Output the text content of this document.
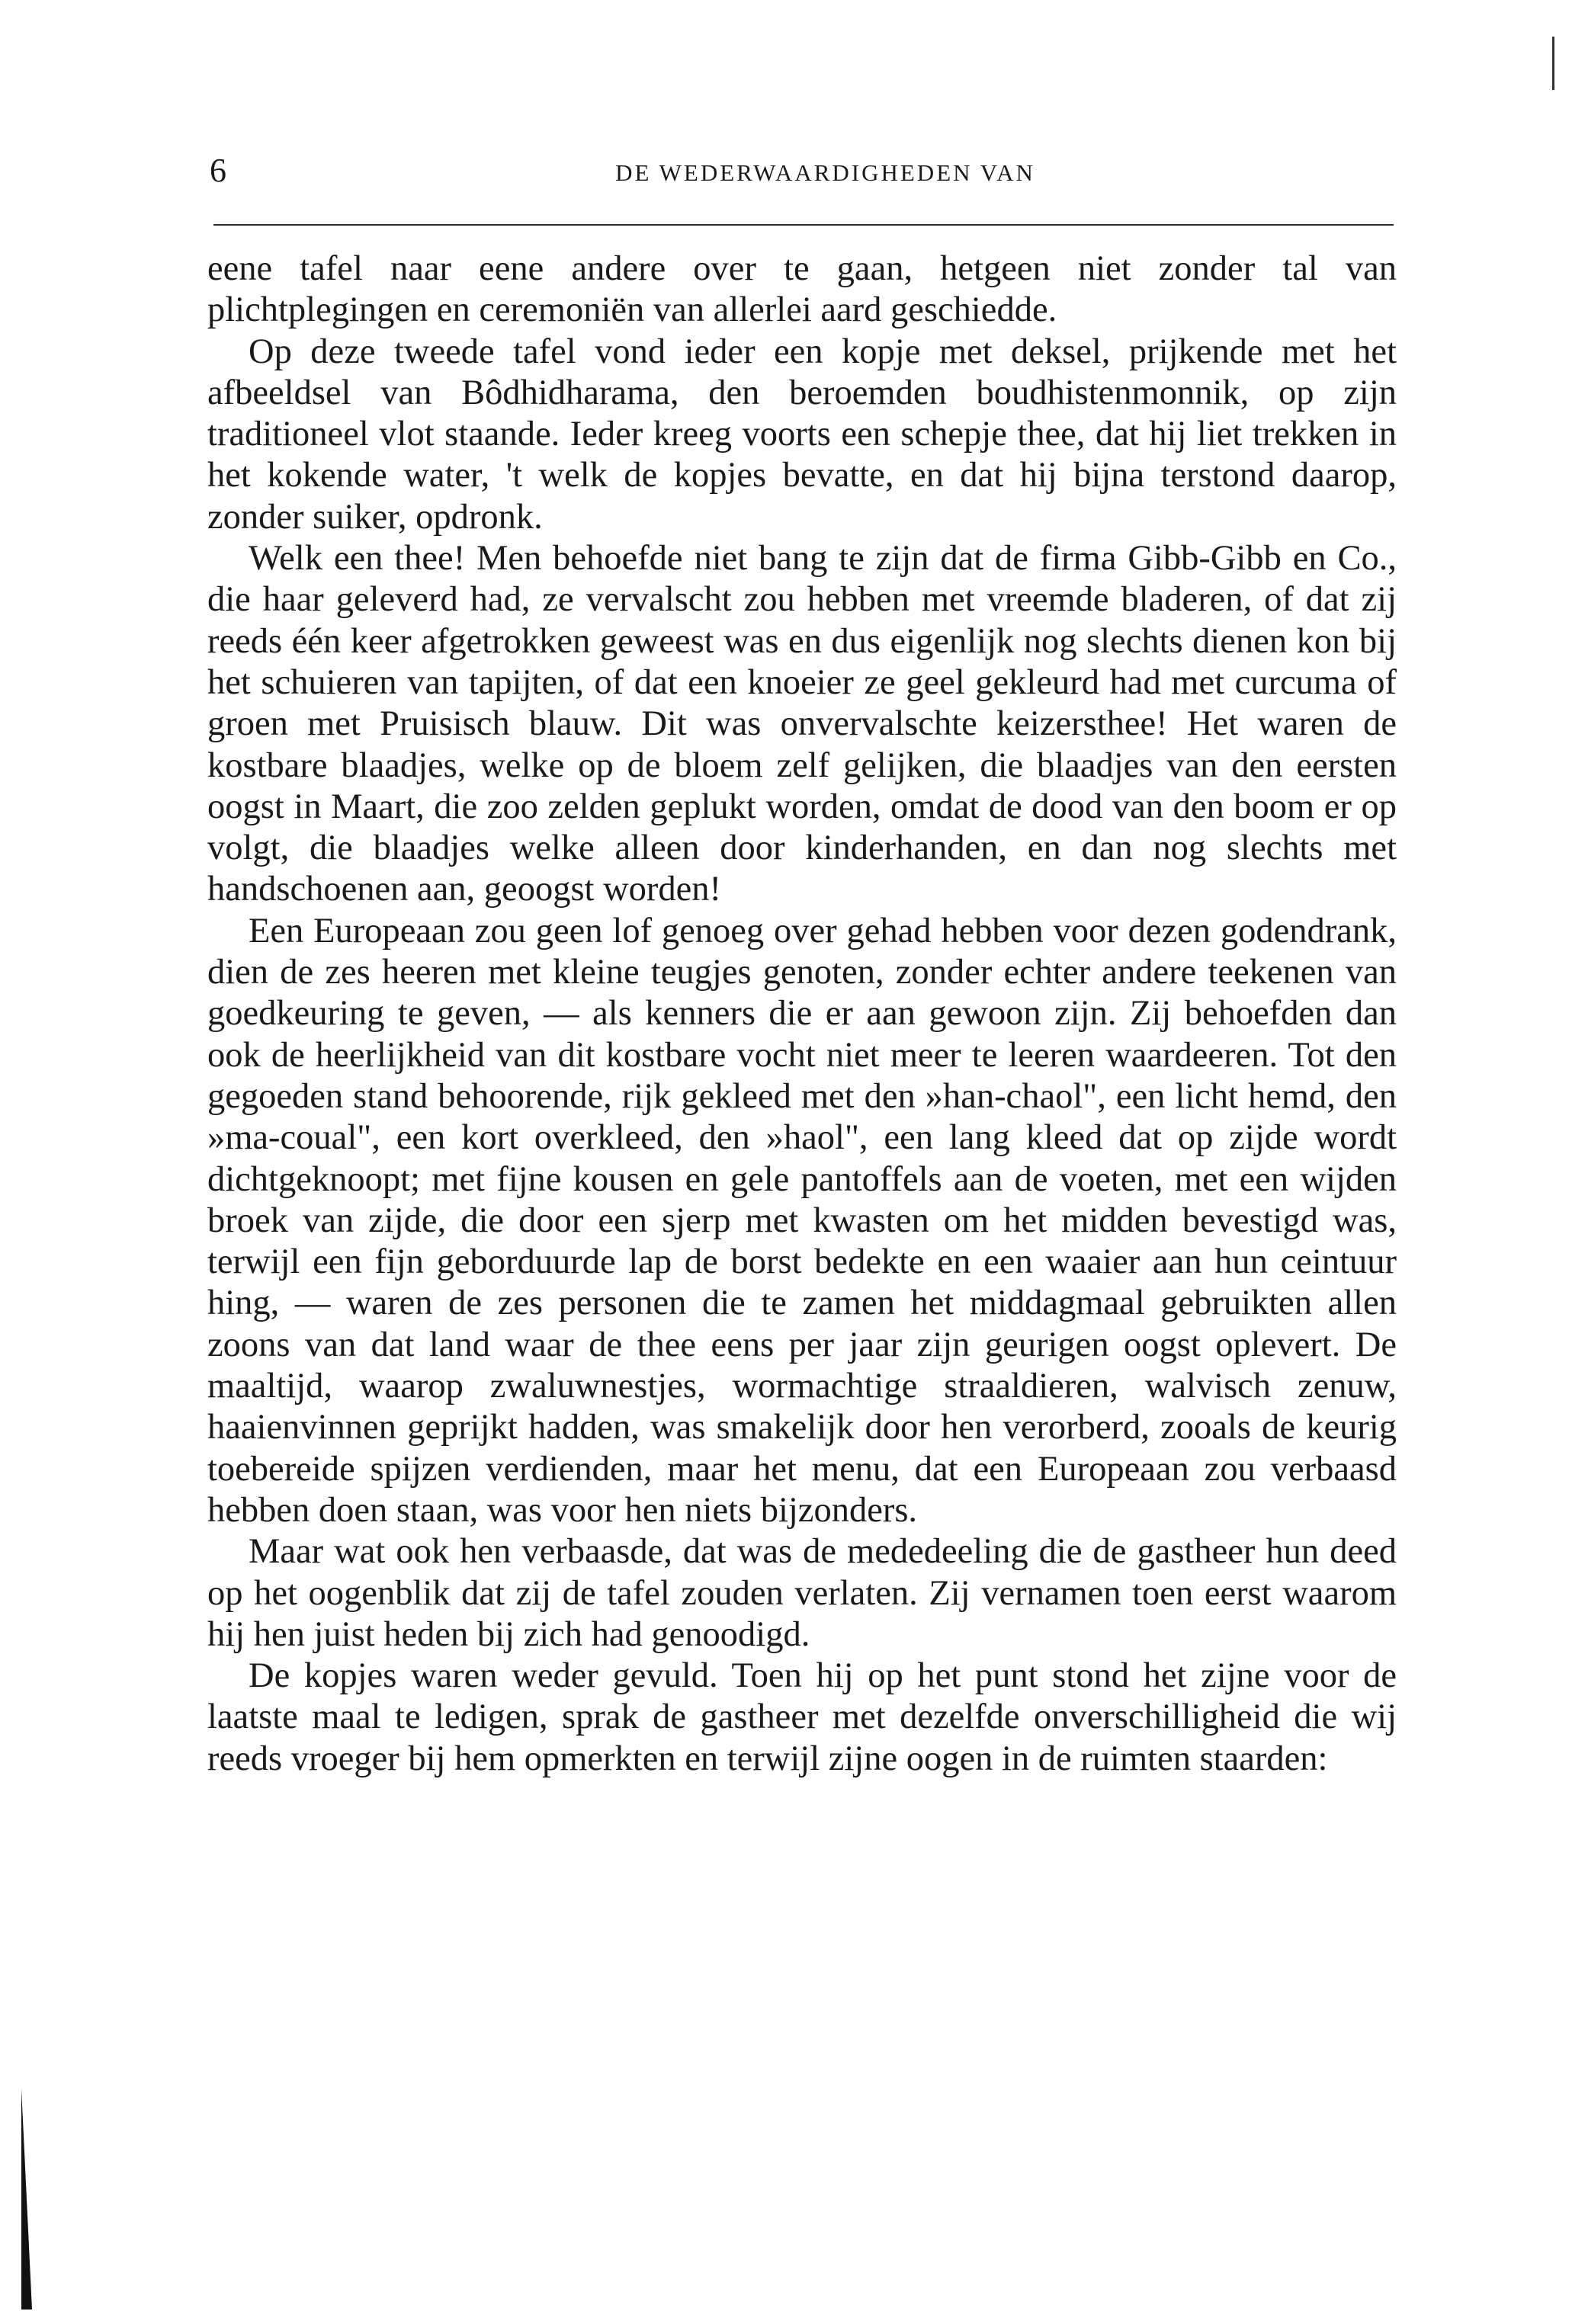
6	DE WEDERWAARDIGHEDEN VAN

eene tafel naar eene andere over te gaan, hetgeen niet zonder tal van plichtplegingen en ceremoniën van allerlei aard geschiedde.

Op deze tweede tafel vond ieder een kopje met deksel, prijkende met het afbeeldsel van Bôdhidharama, den beroemden boudhistenmonnik, op zijn traditioneel vlot staande. Ieder kreeg voorts een schepje thee, dat hij liet trekken in het kokende water, 't welk de kopjes bevatte, en dat hij bijna terstond daarop, zonder suiker, opdronk.

Welk een thee! Men behoefde niet bang te zijn dat de firma Gibb-Gibb en Co., die haar geleverd had, ze vervalscht zou hebben met vreemde bladeren, of dat zij reeds één keer afgetrokken geweest was en dus eigenlijk nog slechts dienen kon bij het schuieren van tapijten, of dat een knoeier ze geel gekleurd had met curcuma of groen met Pruisisch blauw. Dit was onvervalschte keizersthee! Het waren de kostbare blaadjes, welke op de bloem zelf gelijken, die blaadjes van den eersten oogst in Maart, die zoo zelden geplukt worden, omdat de dood van den boom er op volgt, die blaadjes welke alleen door kinderhanden, en dan nog slechts met handschoenen aan, geoogst worden!

Een Europeaan zou geen lof genoeg over gehad hebben voor dezen godendrank, dien de zes heeren met kleine teugjes genoten, zonder echter andere teekenen van goedkeuring te geven, — als kenners die er aan gewoon zijn. Zij behoefden dan ook de heerlijkheid van dit kostbare vocht niet meer te leeren waardeeren. Tot den gegoeden stand behoorende, rijk gekleed met den »han-chaol", een licht hemd, den »ma-coual", een kort overkleed, den »haol", een lang kleed dat op zijde wordt dichtgeknoopt; met fijne kousen en gele pantoffels aan de voeten, met een wijden broek van zijde, die door een sjerp met kwasten om het midden bevestigd was, terwijl een fijn geborduurde lap de borst bedekte en een waaier aan hun ceintuur hing, — waren de zes personen die te zamen het middagmaal gebruikten allen zoons van dat land waar de thee eens per jaar zijn geurigen oogst oplevert. De maaltijd, waarop zwaluwnestjes, wormachtige straaldieren, walvisch zenuw, haaienvinnen geprijkt hadden, was smakelijk door hen verorberd, zooals de keurig toebereide spijzen verdienden, maar het menu, dat een Europeaan zou verbaasd hebben doen staan, was voor hen niets bijzonders.

Maar wat ook hen verbaasde, dat was de mededeeling die de gastheer hun deed op het oogenblik dat zij de tafel zouden verlaten. Zij vernamen toen eerst waarom hij hen juist heden bij zich had genoodigd.

De kopjes waren weder gevuld. Toen hij op het punt stond het zijne voor de laatste maal te ledigen, sprak de gastheer met dezelfde onverschilligheid die wij reeds vroeger bij hem opmerkten en terwijl zijne oogen in de ruimten staarden:
